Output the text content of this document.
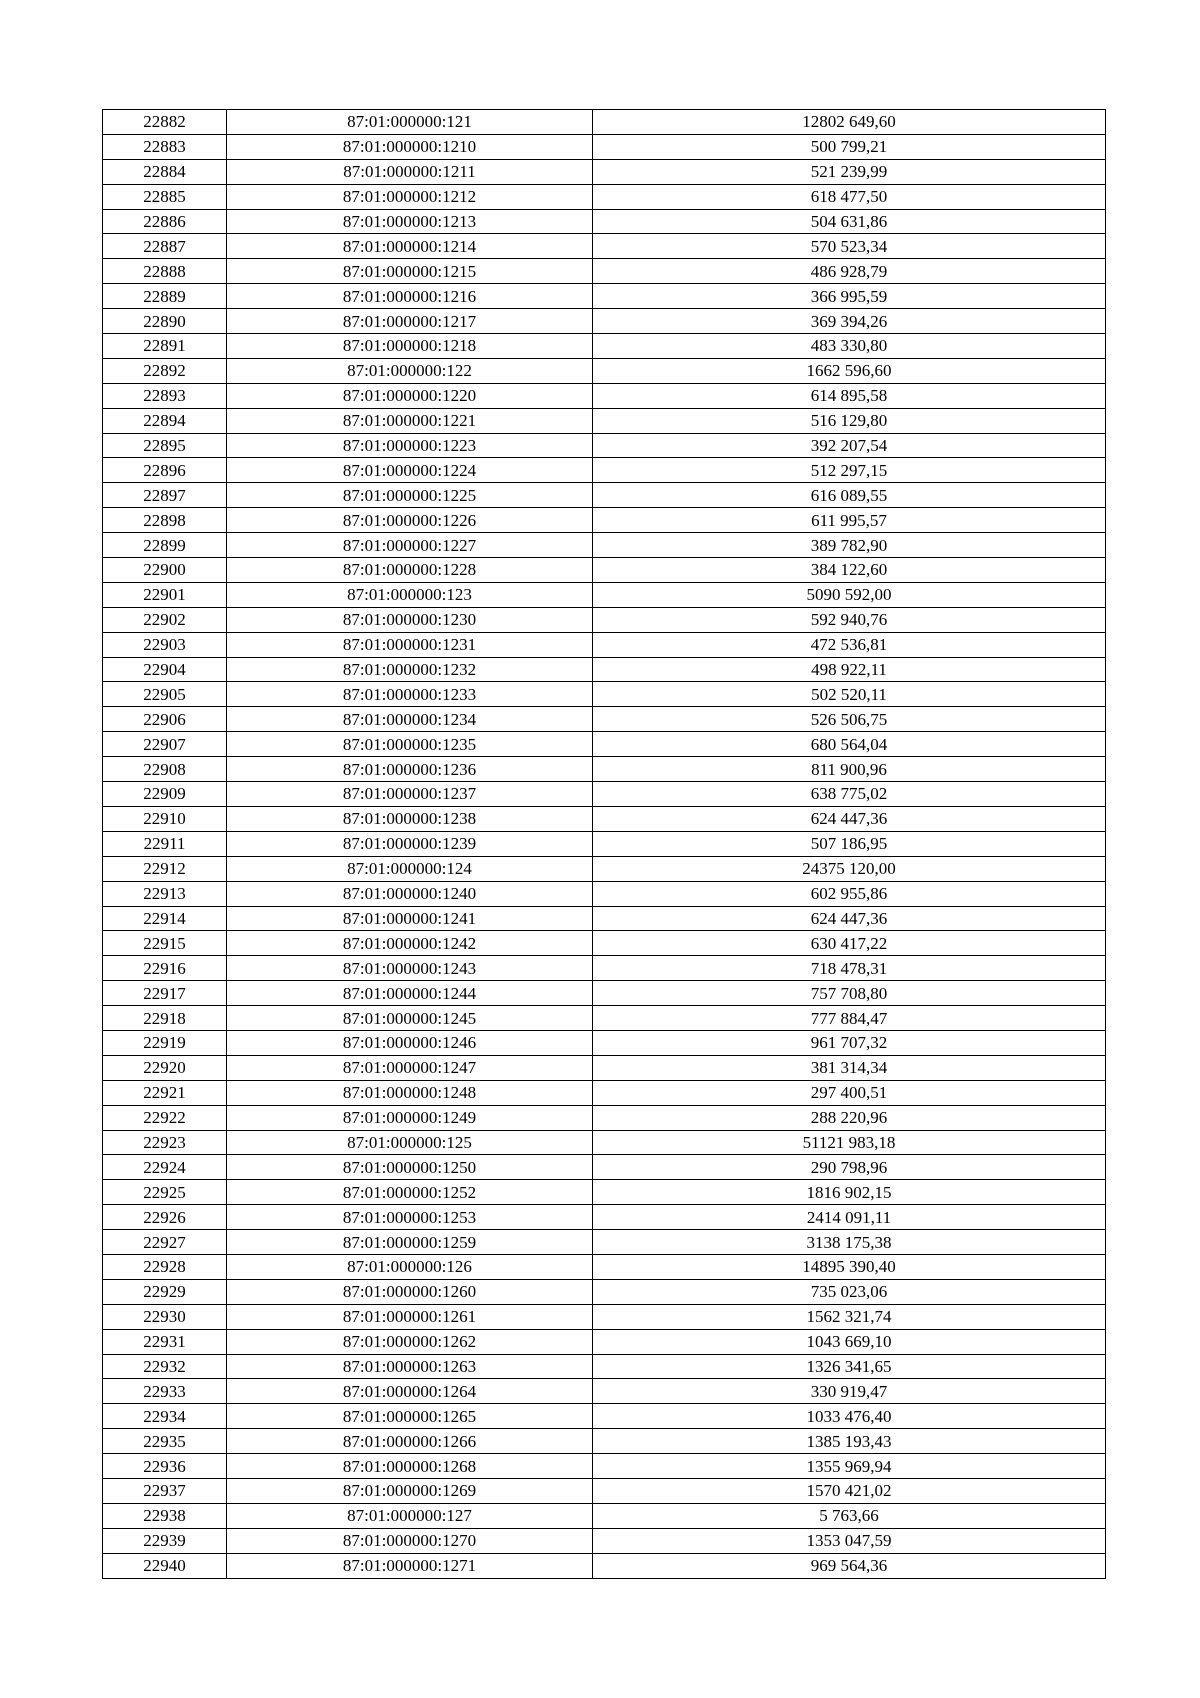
22882	87:01:000000:121	12802 649,60
22883	87:01:000000:1210	500 799,21
22884	87:01:000000:1211	521 239,99
22885	87:01:000000:1212	618 477,50
22886	87:01:000000:1213	504 631,86
22887	87:01:000000:1214	570 523,34
22888	87:01:000000:1215	486 928,79
22889	87:01:000000:1216	366 995,59
22890	87:01:000000:1217	369 394,26
22891	87:01:000000:1218	483 330,80
22892	87:01:000000:122	1662 596,60
22893	87:01:000000:1220	614 895,58
22894	87:01:000000:1221	516 129,80
22895	87:01:000000:1223	392 207,54
22896	87:01:000000:1224	512 297,15
22897	87:01:000000:1225	616 089,55
22898	87:01:000000:1226	611 995,57
22899	87:01:000000:1227	389 782,90
22900	87:01:000000:1228	384 122,60
22901	87:01:000000:123	5090 592,00
22902	87:01:000000:1230	592 940,76
22903	87:01:000000:1231	472 536,81
22904	87:01:000000:1232	498 922,11
22905	87:01:000000:1233	502 520,11
22906	87:01:000000:1234	526 506,75
22907	87:01:000000:1235	680 564,04
22908	87:01:000000:1236	811 900,96
22909	87:01:000000:1237	638 775,02
22910	87:01:000000:1238	624 447,36
22911	87:01:000000:1239	507 186,95
22912	87:01:000000:124	24375 120,00
22913	87:01:000000:1240	602 955,86
22914	87:01:000000:1241	624 447,36
22915	87:01:000000:1242	630 417,22
22916	87:01:000000:1243	718 478,31
22917	87:01:000000:1244	757 708,80
22918	87:01:000000:1245	777 884,47
22919	87:01:000000:1246	961 707,32
22920	87:01:000000:1247	381 314,34
22921	87:01:000000:1248	297 400,51
22922	87:01:000000:1249	288 220,96
22923	87:01:000000:125	51121 983,18
22924	87:01:000000:1250	290 798,96
22925	87:01:000000:1252	1816 902,15
22926	87:01:000000:1253	2414 091,11
22927	87:01:000000:1259	3138 175,38
22928	87:01:000000:126	14895 390,40
22929	87:01:000000:1260	735 023,06
22930	87:01:000000:1261	1562 321,74
22931	87:01:000000:1262	1043 669,10
22932	87:01:000000:1263	1326 341,65
22933	87:01:000000:1264	330 919,47
22934	87:01:000000:1265	1033 476,40
22935	87:01:000000:1266	1385 193,43
22936	87:01:000000:1268	1355 969,94
22937	87:01:000000:1269	1570 421,02
22938	87:01:000000:127	5 763,66
22939	87:01:000000:1270	1353 047,59
22940	87:01:000000:1271	969 564,36
